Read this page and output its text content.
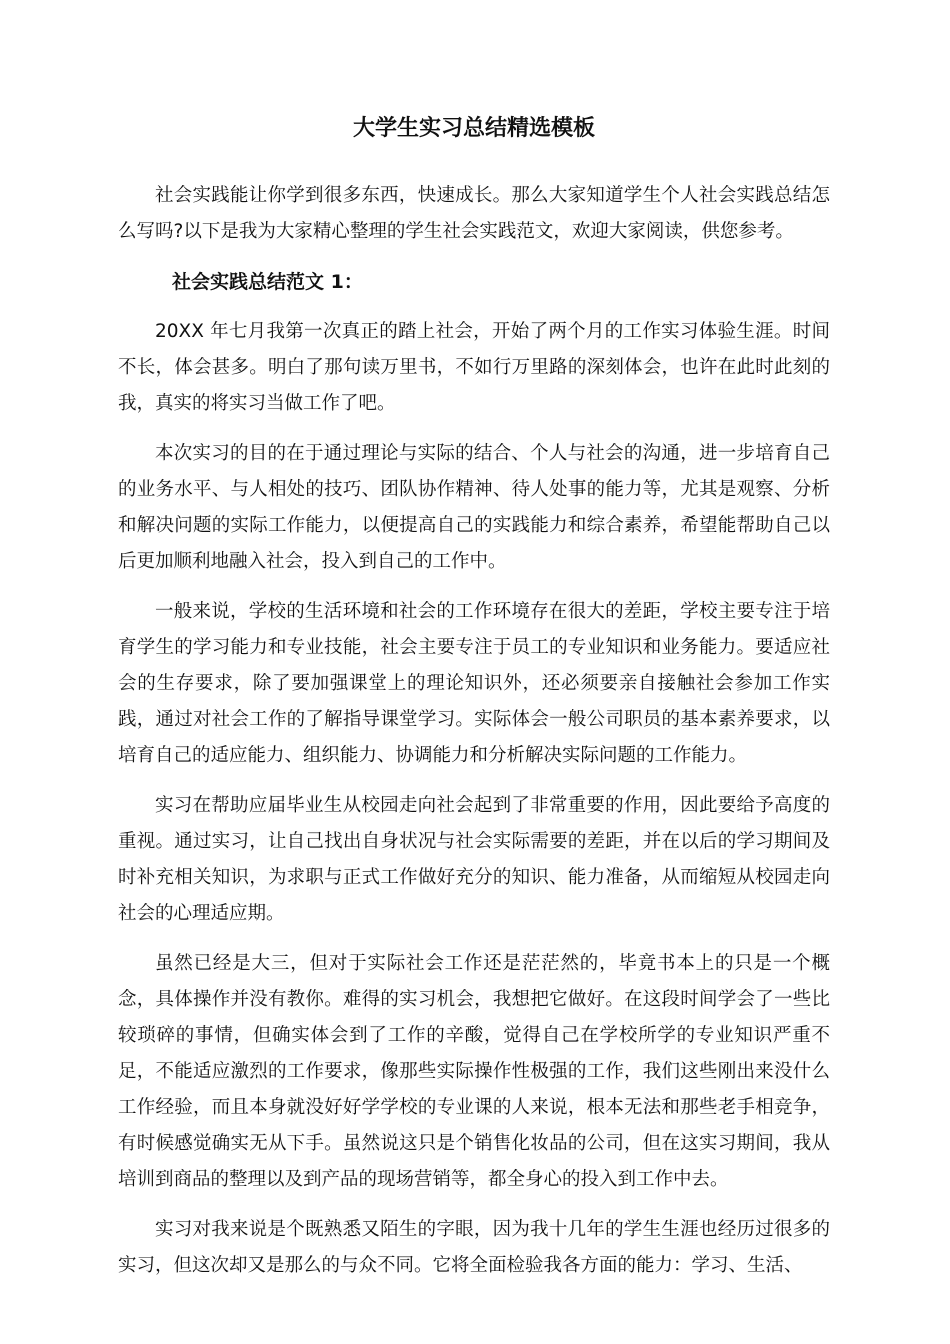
大学生实习总结精选模板

社会实践能让你学到很多东西，快速成长。那么大家知道学生个人社会实践总结怎么写吗?以下是我为大家精心整理的学生社会实践范文，欢迎大家阅读，供您参考。

社会实践总结范文 1：

20XX 年七月我第一次真正的踏上社会，开始了两个月的工作实习体验生涯。时间不长，体会甚多。明白了那句读万里书，不如行万里路的深刻体会，也许在此时此刻的我，真实的将实习当做工作了吧。

本次实习的目的在于通过理论与实际的结合、个人与社会的沟通，进一步培育自己的业务水平、与人相处的技巧、团队协作精神、待人处事的能力等，尤其是观察、分析和解决问题的实际工作能力，以便提高自己的实践能力和综合素养，希望能帮助自己以后更加顺利地融入社会，投入到自己的工作中。

一般来说，学校的生活环境和社会的工作环境存在很大的差距，学校主要专注于培育学生的学习能力和专业技能，社会主要专注于员工的专业知识和业务能力。要适应社会的生存要求，除了要加强课堂上的理论知识外，还必须要亲自接触社会参加工作实践，通过对社会工作的了解指导课堂学习。实际体会一般公司职员的基本素养要求，以培育自己的适应能力、组织能力、协调能力和分析解决实际问题的工作能力。

实习在帮助应届毕业生从校园走向社会起到了非常重要的作用，因此要给予高度的重视。通过实习，让自己找出自身状况与社会实际需要的差距，并在以后的学习期间及时补充相关知识，为求职与正式工作做好充分的知识、能力准备，从而缩短从校园走向社会的心理适应期。

虽然已经是大三，但对于实际社会工作还是茫茫然的，毕竟书本上的只是一个概念，具体操作并没有教你。难得的实习机会，我想把它做好。在这段时间学会了一些比较琐碎的事情，但确实体会到了工作的辛酸，觉得自己在学校所学的专业知识严重不足，不能适应激烈的工作要求，像那些实际操作性极强的工作，我们这些刚出来没什么工作经验，而且本身就没好好学学校的专业课的人来说，根本无法和那些老手相竞争，有时候感觉确实无从下手。虽然说这只是个销售化妆品的公司，但在这实习期间，我从培训到商品的整理以及到产品的现场营销等，都全身心的投入到工作中去。

实习对我来说是个既熟悉又陌生的字眼，因为我十几年的学生生涯也经历过很多的实习，但这次却又是那么的与众不同。它将全面检验我各方面的能力：学习、生活、
